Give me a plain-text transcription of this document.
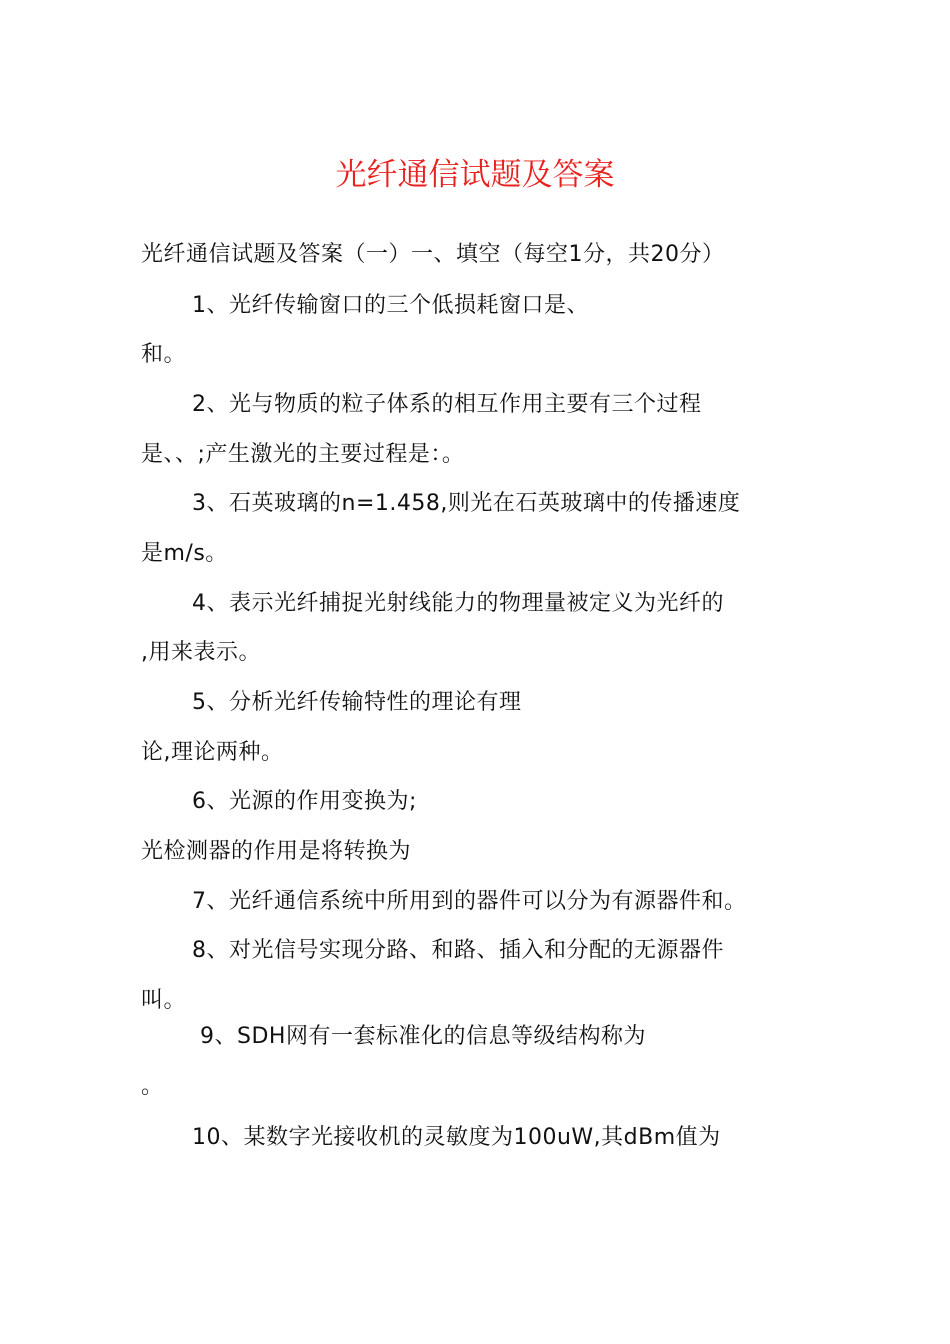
光纤通信试题及答案
光纤通信试题及答案（一）一、填空（每空1分，共20分）
1、光纤传输窗口的三个低损耗窗口是、
和。
2、光与物质的粒子体系的相互作用主要有三个过程
是、、;产生激光的主要过程是：。
3、石英玻璃的n=1.458,则光在石英玻璃中的传播速度
是m/s。
4、表示光纤捕捉光射线能力的物理量被定义为光纤的
,用来表示。
5、分析光纤传输特性的理论有理
论,理论两种。
6、光源的作用变换为;
光检测器的作用是将转换为
7、光纤通信系统中所用到的器件可以分为有源器件和。
8、对光信号实现分路、和路、插入和分配的无源器件
叫。
9、SDH网有一套标准化的信息等级结构称为
。
10、某数字光接收机的灵敏度为100uW,其dBm值为
